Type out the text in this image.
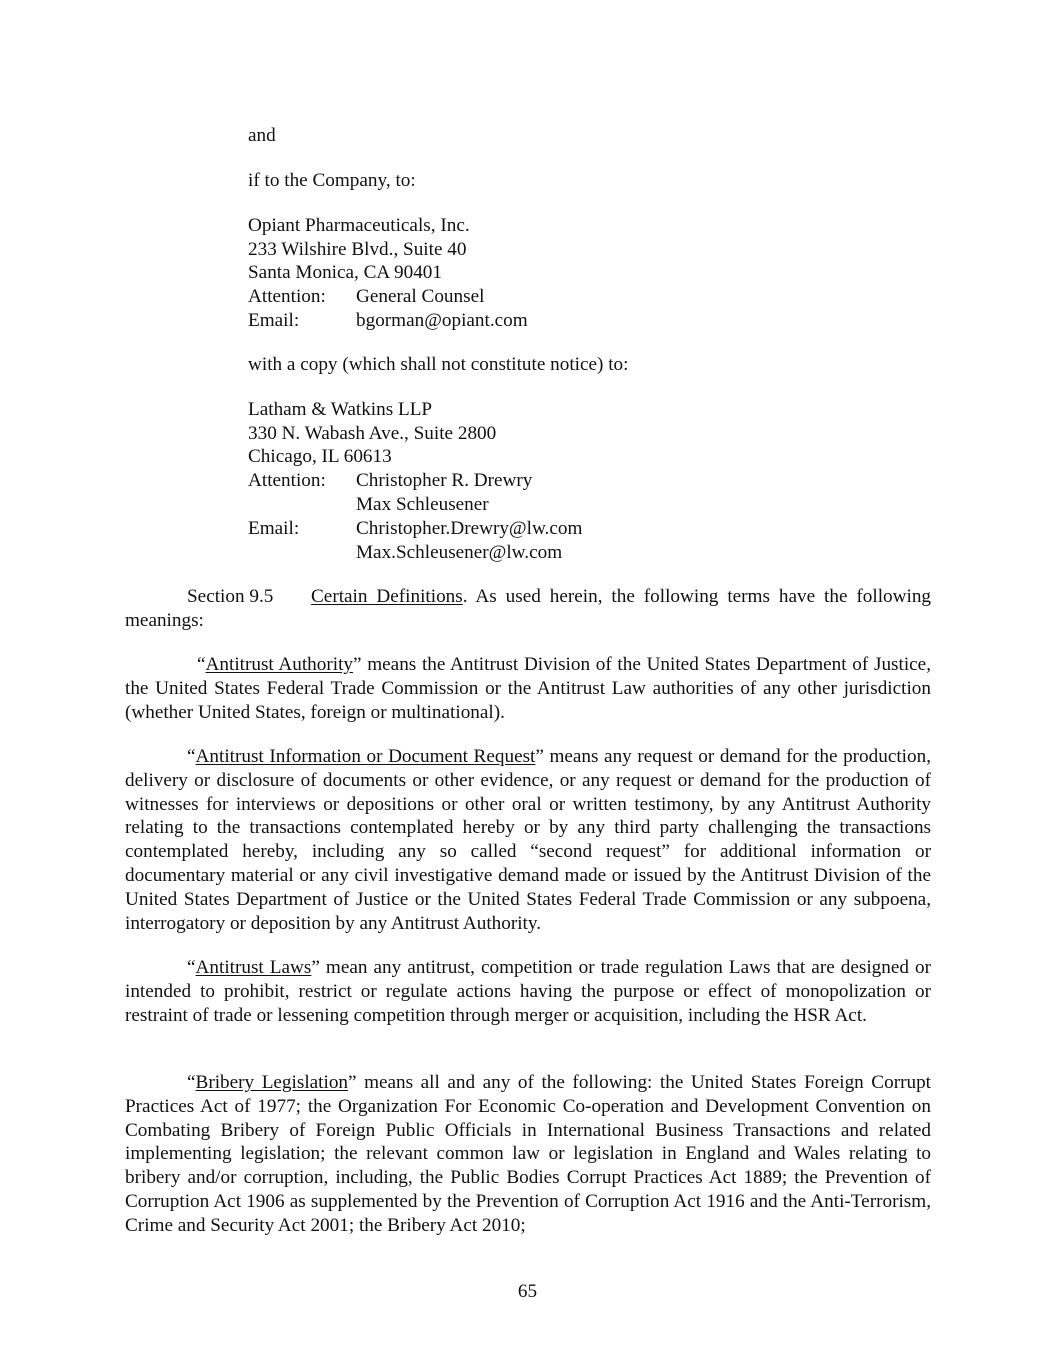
and
if to the Company, to:
Opiant Pharmaceuticals, Inc.
233 Wilshire Blvd., Suite 40
Santa Monica, CA 90401
Attention: General Counsel
Email:	bgorman@opiant.com
with a copy (which shall not constitute notice) to:
Latham & Watkins LLP
330 N. Wabash Ave., Suite 2800
Chicago, IL 60613
Attention: Christopher R. Drewry
Max Schleusener
Email:	Christopher.Drewry@lw.com
Max.Schleusener@lw.com
Section 9.5 Certain Definitions. As used herein, the following terms have the following meanings:
“Antitrust Authority” means the Antitrust Division of the United States Department of Justice, the United States Federal Trade Commission or the Antitrust Law authorities of any other jurisdiction (whether United States, foreign or multinational).
“Antitrust Information or Document Request” means any request or demand for the production, delivery or disclosure of documents or other evidence, or any request or demand for the production of witnesses for interviews or depositions or other oral or written testimony, by any Antitrust Authority relating to the transactions contemplated hereby or by any third party challenging the transactions contemplated hereby, including any so called “second request” for additional information or documentary material or any civil investigative demand made or issued by the Antitrust Division of the United States Department of Justice or the United States Federal Trade Commission or any subpoena, interrogatory or deposition by any Antitrust Authority.
“Antitrust Laws” mean any antitrust, competition or trade regulation Laws that are designed or intended to prohibit, restrict or regulate actions having the purpose or effect of monopolization or restraint of trade or lessening competition through merger or acquisition, including the HSR Act.
“Bribery Legislation” means all and any of the following: the United States Foreign Corrupt Practices Act of 1977; the Organization For Economic Co-operation and Development Convention on Combating Bribery of Foreign Public Officials in International Business Transactions and related implementing legislation; the relevant common law or legislation in England and Wales relating to bribery and/or corruption, including, the Public Bodies Corrupt Practices Act 1889; the Prevention of Corruption Act 1906 as supplemented by the Prevention of Corruption Act 1916 and the Anti-Terrorism, Crime and Security Act 2001; the Bribery Act 2010;
65
